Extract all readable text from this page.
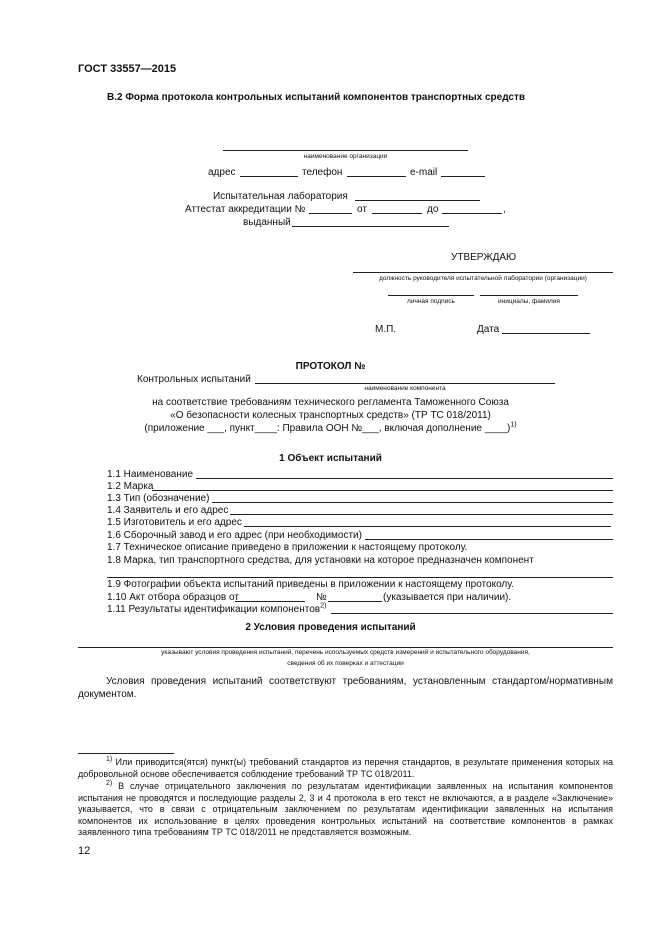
ГОСТ 33557—2015
В.2 Форма протокола контрольных испытаний компонентов транспортных средств
наименование организации
адрес	телефон	e-mail
Испытательная лаборатория
Аттестат аккредитации №	от	до	,
выданный
УТВЕРЖДАЮ
должность руководителя испытательной лаборатории (организации)
личная подпись	инициалы, фамилия
М.П.	Дата
ПРОТОКОЛ №
Контрольных испытаний
наименование компонента
на соответствие требованиям технического регламента Таможенного Союза
«О безопасности колесных транспортных средств» (ТР ТС 018/2011)
(приложение ___, пункт____: Правила ООН №___, включая дополнение ____)$^{1)}$
1 Объект испытаний
1.1 Наименование
1.2 Марка
1.3 Тип (обозначение)
1.4 Заявитель и его адрес
1.5 Изготовитель и его адрес
1.6 Сборочный завод и его адрес (при необходимости)
1.7 Техническое описание приведено в приложении к настоящему протоколу.
1.8 Марка, тип транспортного средства, для установки на которое предназначен компонент
1.9 Фотографии объекта испытаний приведены в приложении к настоящему протоколу.
1.10 Акт отбора образцов от	№	(указывается при наличии).
1.11 Результаты идентификации компонентов$^{2)}$
2 Условия проведения испытаний
указывают условия проведения испытаний, перечень используемых средств измерений и испытательного оборудования,
сведения об их поверках и аттестации
Условия проведения испытаний соответствуют требованиям, установленным стандартом/нормативным документом.
$^{1)}$ Или приводится(ятся) пункт(ы) требований стандартов из перечня стандартов, в результате применения которых на добровольной основе обеспечивается соблюдение требований ТР ТС 018/2011.
$^{2)}$ В случае отрицательного заключения по результатам идентификации заявленных на испытания компонентов испытания не проводятся и последующие разделы 2, 3 и 4 протокола в его текст не включаются, а в разделе «Заключение» указывается, что в связи с отрицательным заключением по результатам идентификации заявленных на испытания компонентов их использование в целях проведения контрольных испытаний на соответствие компонентов в рамках заявленного типа требованиям ТР ТС 018/2011 не представляется возможным.
12
